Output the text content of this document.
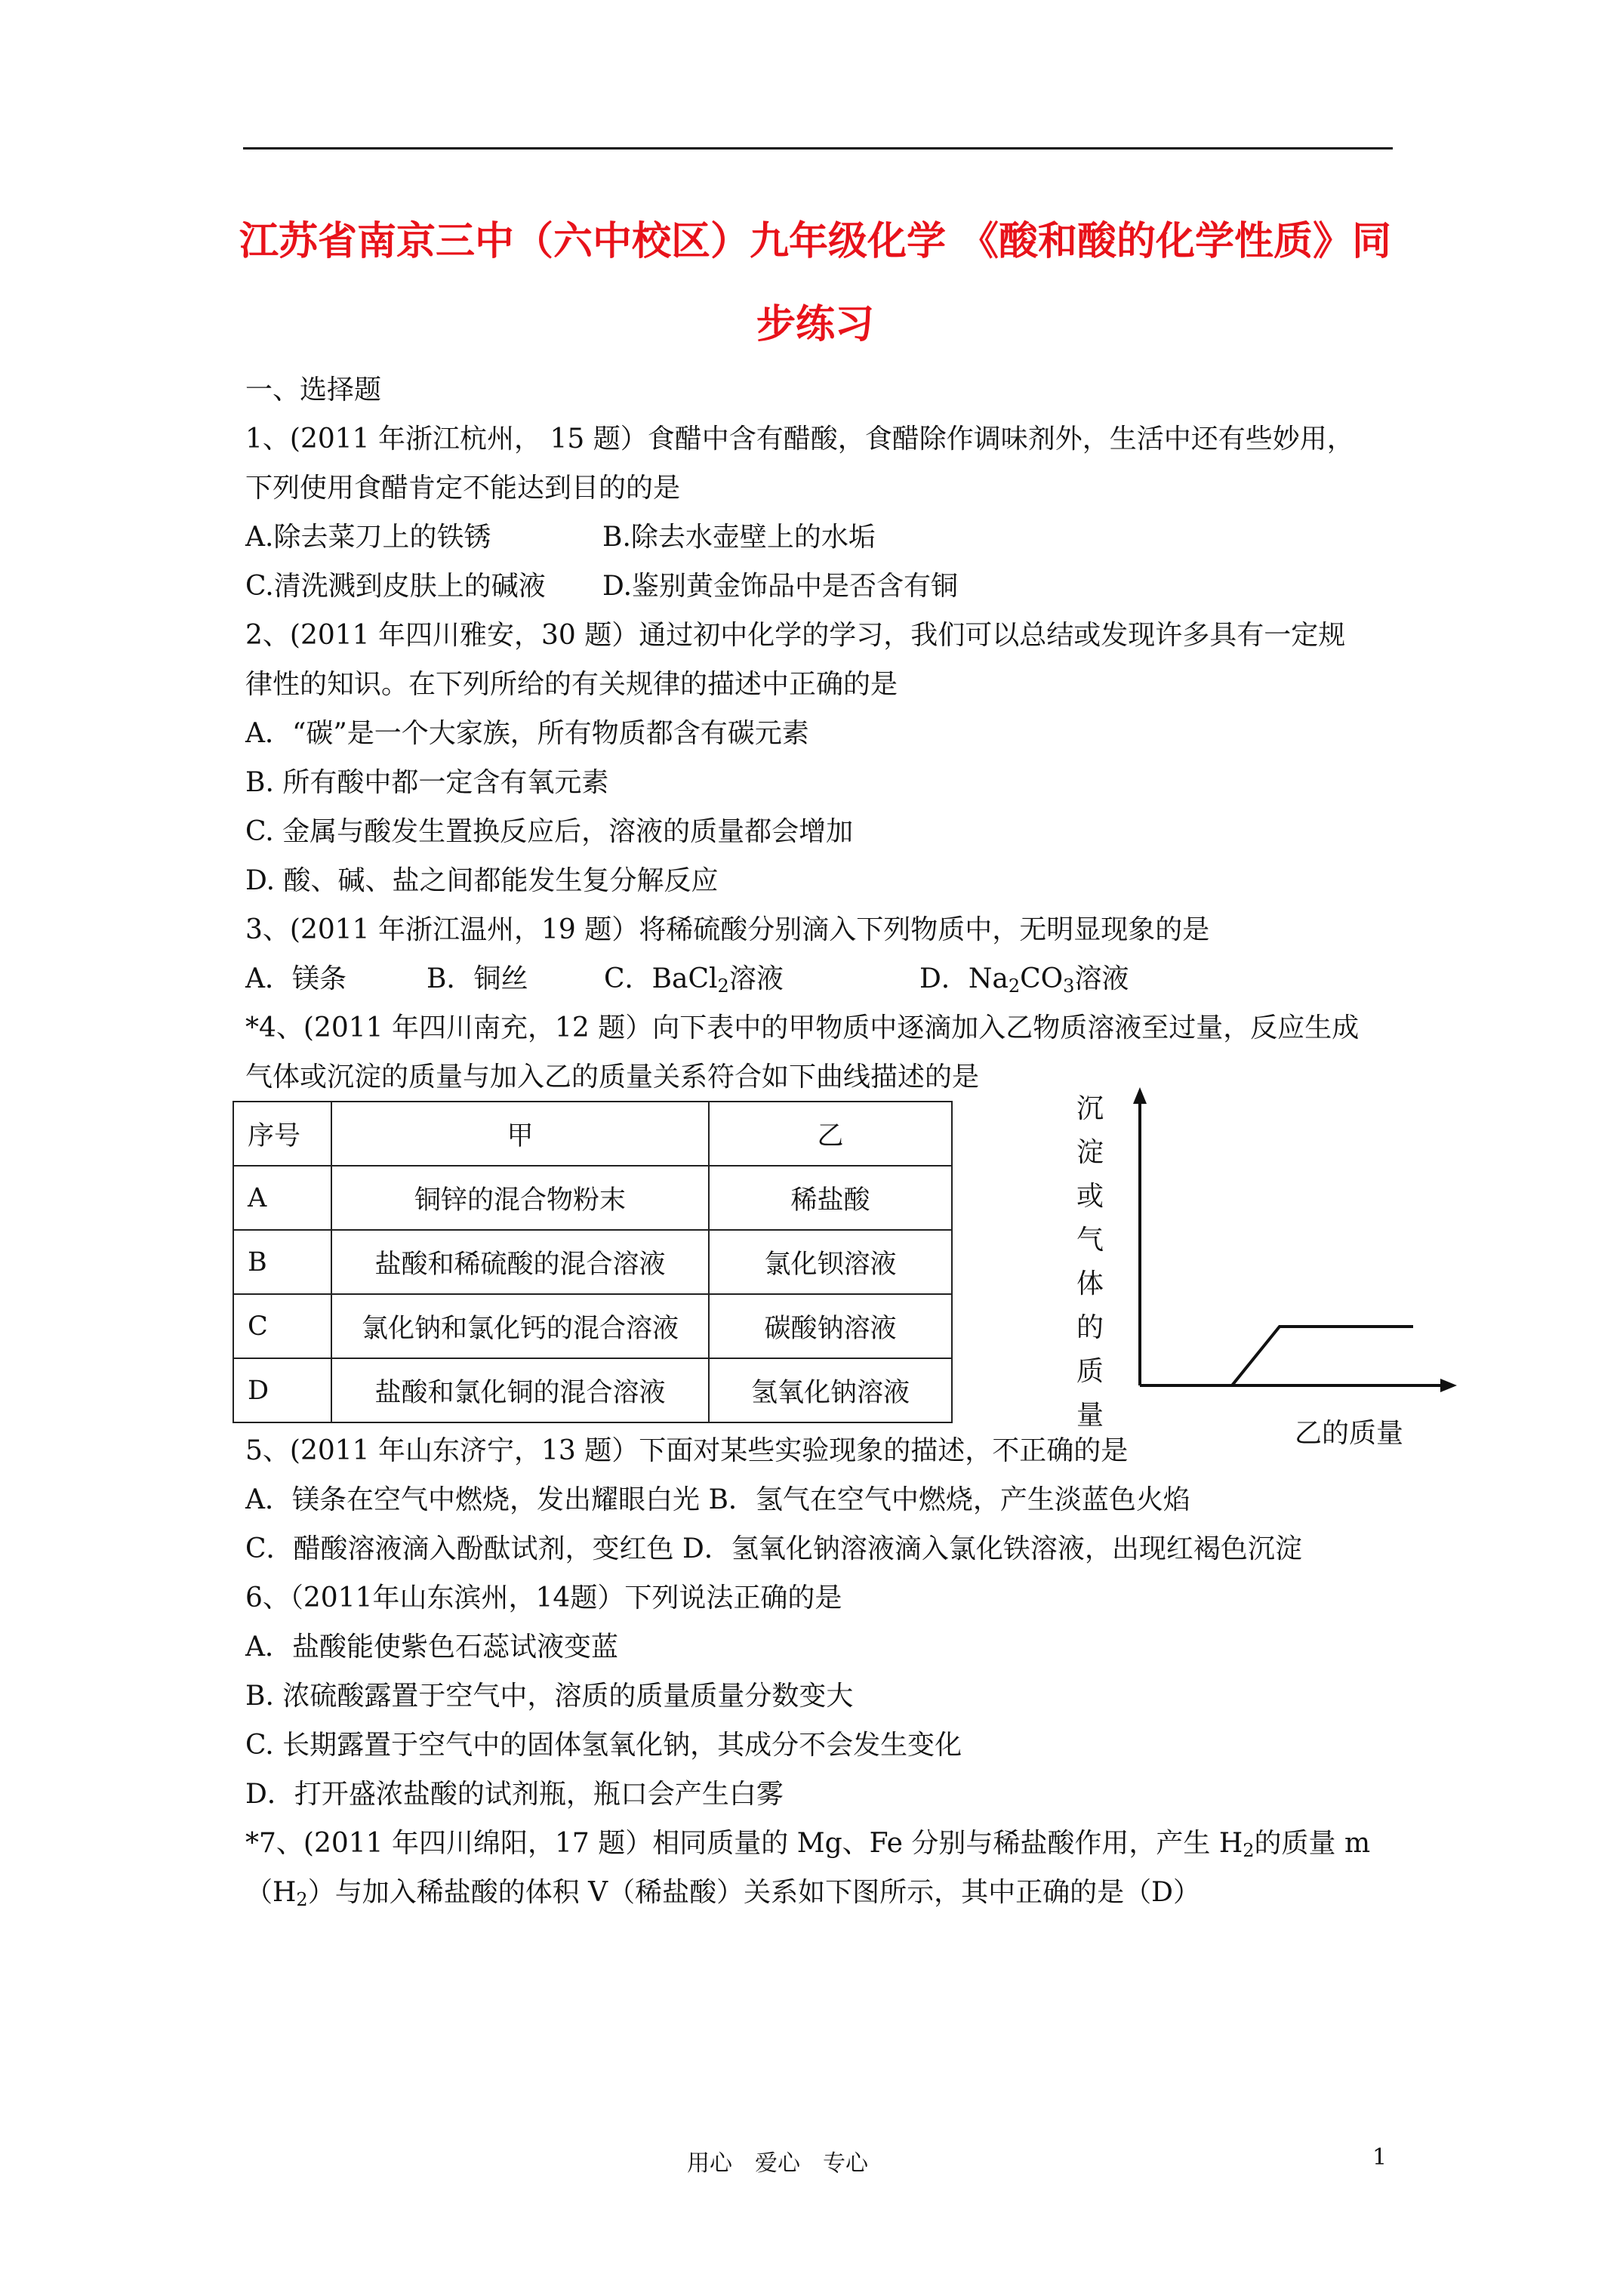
江苏省南京三中（六中校区）九年级化学 《酸和酸的化学性质》同
步练习
一、选择题
1、(2011 年浙江杭州， 15 题）食醋中含有醋酸，食醋除作调味剂外，生活中还有些妙用，
下列使用食醋肯定不能达到目的的是
A.除去菜刀上的铁锈	B.除去水壶壁上的水垢
C.清洗溅到皮肤上的碱液 D.鉴别黄金饰品中是否含有铜
2、(2011 年四川雅安，30 题）通过初中化学的学习，我们可以总结或发现许多具有一定规
律性的知识。在下列所给的有关规律的描述中正确的是
A．“碳”是一个大家族，所有物质都含有碳元素
B. 所有酸中都一定含有氧元素
C. 金属与酸发生置换反应后，溶液的质量都会增加
D. 酸、碱、盐之间都能发生复分解反应
3、(2011 年浙江温州，19 题）将稀硫酸分别滴入下列物质中，无明显现象的是
A．镁条	B．铜丝	C．BaCl$_2$溶液	D．$Na_2CO_3$溶液
*4、(2011 年四川南充，12 题）向下表中的甲物质中逐滴加入乙物质溶液至过量，反应生成
气体或沉淀的质量与加入乙的质量关系符合如下曲线描述的是
序号	甲	乙
A	铜锌的混合物粉末	稀盐酸
B	盐酸和稀硫酸的混合溶液	氯化钡溶液
C	氯化钠和氯化钙的混合溶液	碳酸钠溶液
D	盐酸和氯化铜的混合溶液	氢氧化钠溶液
沉
淀
或
气
体
的
质
量
乙的质量
5、(2011 年山东济宁，13 题）下面对某些实验现象的描述，不正确的是
A．镁条在空气中燃烧，发出耀眼白光 B．氢气在空气中燃烧，产生淡蓝色火焰
C．醋酸溶液滴入酚酞试剂，变红色 D．氢氧化钠溶液滴入氯化铁溶液，出现红褐色沉淀
6、（2011年山东滨州，14题）下列说法正确的是
A．盐酸能使紫色石蕊试液变蓝
B. 浓硫酸露置于空气中，溶质的质量质量分数变大
C. 长期露置于空气中的固体氢氧化钠，其成分不会发生变化
D．打开盛浓盐酸的试剂瓶，瓶口会产生白雾
*7、(2011 年四川绵阳，17 题）相同质量的 Mg、Fe 分别与稀盐酸作用，产生 $H_2$的质量 m
$(H_2)$与加入稀盐酸的体积 V（稀盐酸）关系如下图所示，其中正确的是（D）
用心　爱心　专心	1
